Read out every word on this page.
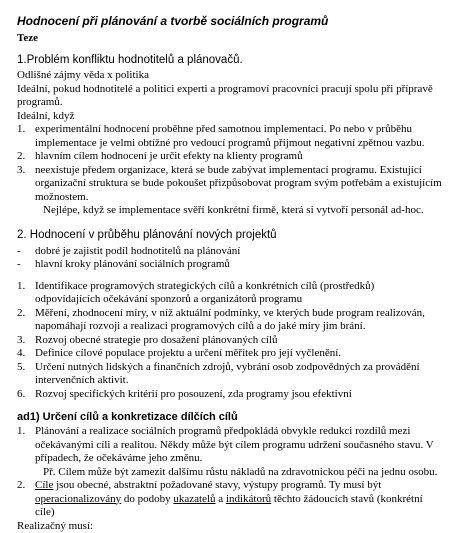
Hodnocení při plánování a tvorbě sociálních programů
Teze
1.Problém konfliktu hodnotitelů a plánovačů.
Odlišné zájmy věda x politika
Ideální, pokud hodnotitelé a politici experti a programoví pracovníci pracují spolu při přípravě programů.
Ideální, když
1. experimentální hodnocení proběhne před samotnou implementací. Po nebo v průběhu implementace je velmi obtížné pro vedoucí programů přijmout negativní zpětnou vazbu.
2. hlavním cílem hodnocení je určit efekty na klienty programů
3. neexistuje předem organizace, která se bude zabývat implementací programu. Existující organizační struktura se bude pokoušet přizpůsobovat program svým potřebám a existujícím možnostem.
Nejlépe, když se implementace svěří konkrétní firmě, která si vytvoří personál ad-hoc.
2. Hodnocení v průběhu plánování nových projektů
- dobré je zajistit podíl hodnotitelů na plánování
- hlavní kroky plánování sociálních programů
1. Identifikace programových strategických cílů a konkrétních cílů (prostředků) odpovídajících očekávání sponzorů a organizátorů programu
2. Měření, zhodnocení míry, v níž aktuální podmínky, ve kterých bude program realizován, napomáhají rozvoji a realizaci programových cílů a do jaké míry jim brání.
3. Rozvoj obecné strategie pro dosažení plánovaných cílů
4. Definice cílové populace projektu a určení měřítek pro její vyčlenění.
5. Určení nutných lidských a finančních zdrojů, vybrání osob zodpovědných za provádění intervenčních aktivit.
6. Rozvoj specifických kritérií pro posouzení, zda programy jsou efektivní
ad1) Určení cílů a konkretizace dílčích cílů
1. Plánování a realizace sociálních programů předpokládá obvykle redukci rozdílů mezi očekávanými cíli a realitou. Někdy může být cílem programu udržení současného stavu. V případech, že očekáváme jeho změnu.
Př. Cílem může být zamezit dalšímu růstu nákladů na zdravotnickou péči na jednu osobu.
2. Cíle jsou obecné, abstraktní požadované stavy, výstupy programů. Ty musí být operacionalizovány do podoby ukazatelů a indikátorů těchto žádoucích stavů (konkrétní cíle)
Realizačný musí:
